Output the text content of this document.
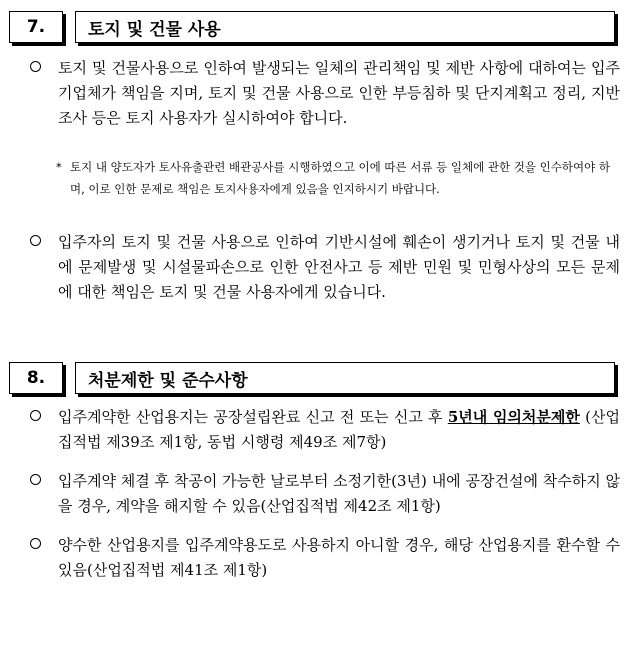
7.	토지 및 건물 사용
토지 및 건물사용으로 인하여 발생되는 일체의 관리책임 및 제반 사항에 대하여는 입주기업체가 책임을 지며, 토지 및 건물 사용으로 인한 부등침하 및 단지계획고 정리, 지반조사 등은 토지 사용자가 실시하여야 합니다.
* 토지 내 양도자가 토사유출관련 배관공사를 시행하였으고 이에 따른 서류 등 일체에 관한 것을 인수하여야 하며, 이로 인한 문제로 책임은 토지사용자에게 있음을 인지하시기 바랍니다.
입주자의 토지 및 건물 사용으로 인하여 기반시설에 훼손이 생기거나 토지 및 건물 내에 문제발생 및 시설물파손으로 인한 안전사고 등 제반 민원 및 민형사상의 모든 문제에 대한 책임은 토지 및 건물 사용자에게 있습니다.
8.	처분제한 및 준수사항
입주계약한 산업용지는 공장설립완료 신고 전 또는 신고 후 5년내 임의처분제한 (산업집적법 제39조 제1항, 동법 시행령 제49조 제7항)
입주계약 체결 후 착공이 가능한 날로부터 소정기한(3년) 내에 공장건설에 착수하지 않을 경우, 계약을 해지할 수 있음(산업집적법 제42조 제1항)
양수한 산업용지를 입주계약용도로 사용하지 아니할 경우, 해당 산업용지를 환수할 수 있음(산업집적법 제41조 제1항)
